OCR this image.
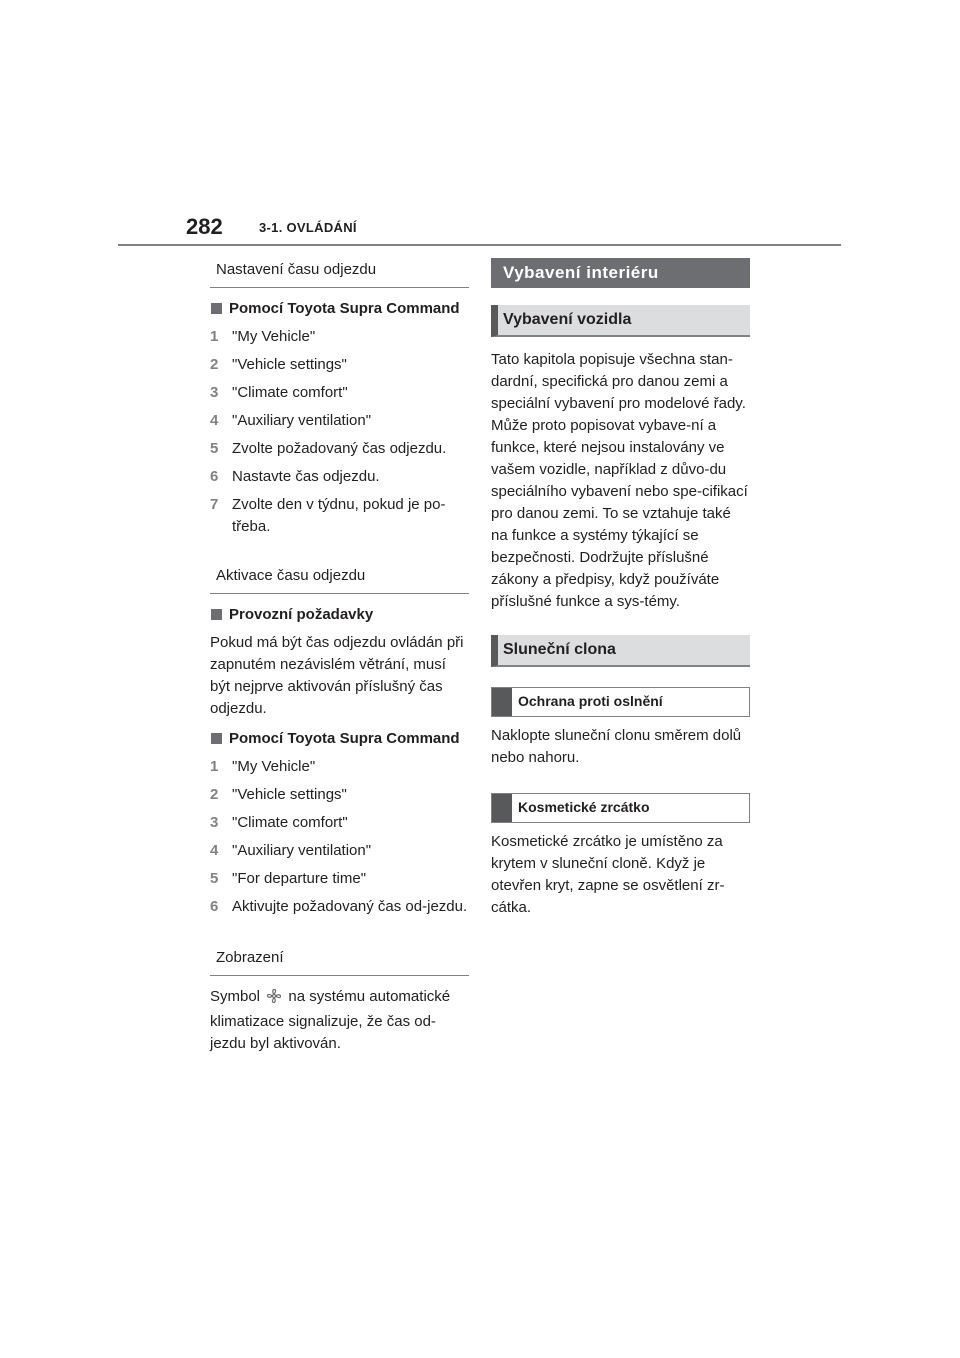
282	3-1. OVLÁDÁNÍ
Nastavení času odjezdu
Pomocí Toyota Supra Command
1 "My Vehicle"
2 "Vehicle settings"
3 "Climate comfort"
4 "Auxiliary ventilation"
5 Zvolte požadovaný čas odjezdu.
6 Nastavte čas odjezdu.
7 Zvolte den v týdnu, pokud je po-třeba.
Aktivace času odjezdu
Provozní požadavky

Pokud má být čas odjezdu ovládán při zapnutém nezávislém větrání, musí být nejprve aktivován příslušný čas odjezdu.

Pomocí Toyota Supra Command
1 "My Vehicle"
2 "Vehicle settings"
3 "Climate comfort"
4 "Auxiliary ventilation"
5 "For departure time"
6 Aktivujte požadovaný čas od-jezdu.
Zobrazení

Symbol na systému automatické klimatizace signalizuje, že čas od-jezdu byl aktivován.

Vybavení interiéru
Vybavení vozidla

Tato kapitola popisuje všechna stan-dardní, specifická pro danou zemi a speciální vybavení pro modelové řady. Může proto popisovat vybave-ní a funkce, které nejsou instalovány ve vašem vozidle, například z důvo-du speciálního vybavení nebo spe-cifikací pro danou zemi. To se vztahuje také na funkce a systémy týkající se bezpečnosti. Dodržujte příslušné zákony a předpisy, když používáte příslušné funkce a sys-témy.

Sluneční clona
Ochrana proti oslnění

Naklopte sluneční clonu směrem dolů nebo nahoru.

Kosmetické zrcátko

Kosmetické zrcátko je umístěno za krytem v sluneční cloně. Když je otevřen kryt, zapne se osvětlení zr-cátka.
